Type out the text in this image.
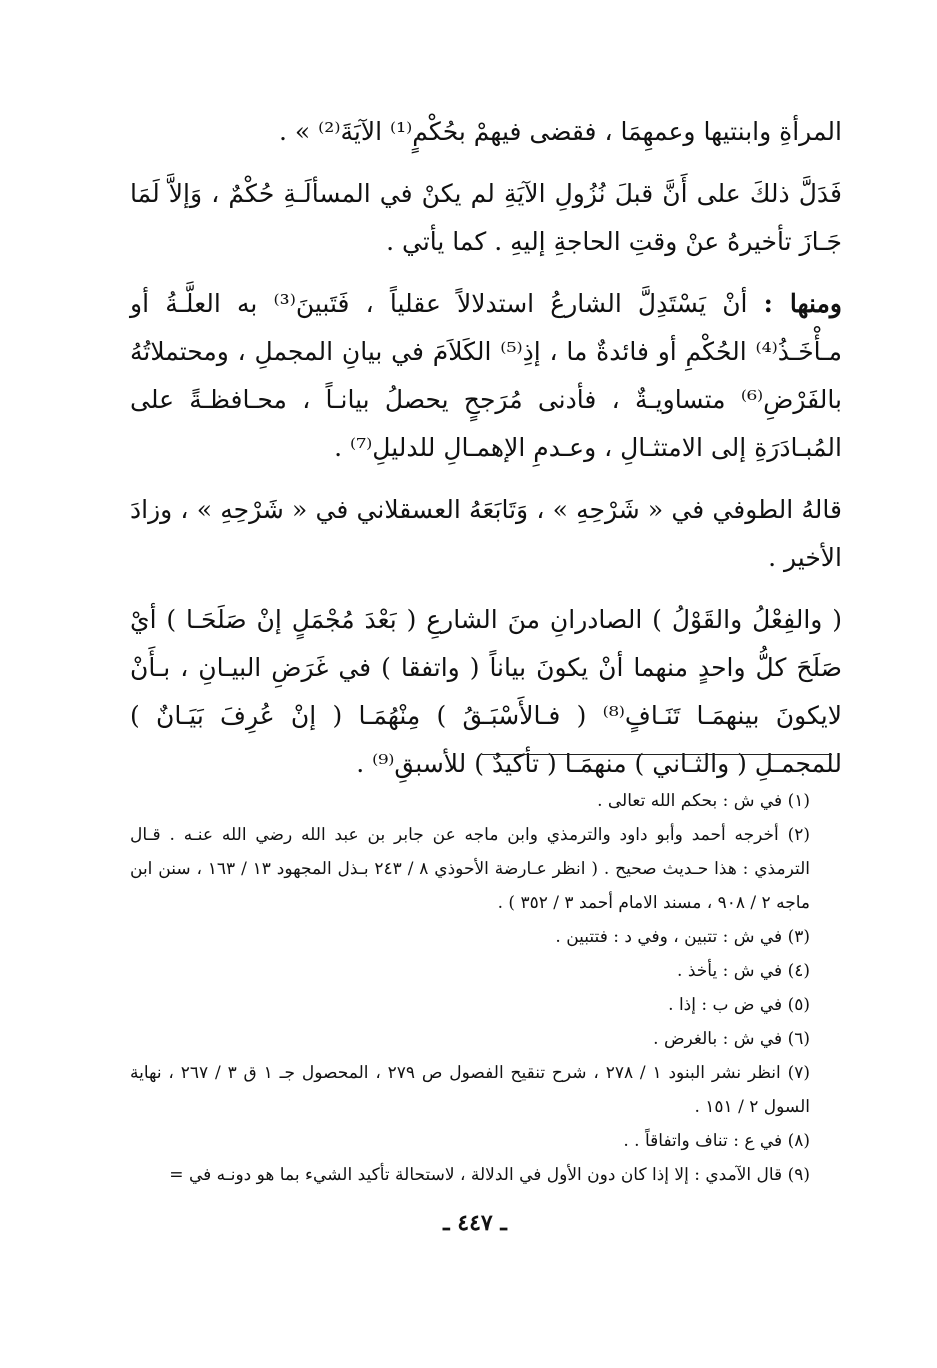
المرأةِ وابنتيها وعمهِمَا ، فقضى فيهمْ بحُكْمٍ⁽¹⁾ الآيَةَ⁽²⁾ » .

فَدَلَّ ذلكَ على أَنَّ قبلَ نُزُولِ الآيَةِ لم يكنْ في المسألَـةِ حُكْمٌ ، وَإلاَّ لَمَا جَـازَ تأخيرهُ عنْ وقتِ الحاجةِ إليهِ . كما يأتي .

ومنها : أنْ يَسْتَدِلَّ الشارعُ استدلالاً عقلياً ، فَتَبينَ⁽³⁾ به العلَّـةُ أو مـأْخَـذُ⁽⁴⁾ الحُكْمِ أو فائدةٌ ما ، إذِ⁽⁵⁾ الكَلاَمَ في بيانِ المجملِ ، ومحتملاتُهُ بالفَرْضِ⁽⁶⁾ متساويـةٌ ، فأدنى مُرَجحٍ يحصلُ بيانـاً ، محـافظـةً على المُبـادَرَةِ إلى الامتثـالِ ، وعـدمِ الإهمـالِ للدليلِ⁽⁷⁾ .

قالهُ الطوفي في « شَرْحِهِ » ، وَتَابَعَهُ العسقلاني في « شَرْحِهِ » ، وزادَ الأخير .

( والفِعْلُ والقَوْلُ ) الصادرانِ منَ الشارعِ ( بَعْدَ مُجْمَلٍ إنْ صَلَحَـا ) أيْ صَلَحَ كلُّ واحدٍ منهما أنْ يكونَ بياناً ( واتفقا ) في غَرَضِ البيـانِ ، بـأَنْ لايكونَ بينهمَـا تَنَـافٍ⁽⁸⁾ ( فـالأَسْبَـقُ ) مِنْهُمَـا ( إنْ عُرِفَ بَيَـانٌ ) للمجمـلِ ( والثـاني ) منهمَـا ( تأكيدٌ ) للأسبقِ⁽⁹⁾ .

(١) في ش : بحكم الله تعالى .

(٢) أخرجه أحمد وأبو داود والترمذي وابن ماجه عن جابر بن عبد الله رضي الله عنـه . قـال الترمذي : هذا حـديث صحيح . ( انظر عـارضة الأحوذي ٨ / ٢٤٣ بـذل المجهود ١٣ / ١٦٣ ، سنن ابن ماجه ٢ / ٩٠٨ ، مسند الامام أحمد ٣ / ٣٥٢ ) .

(٣) في ش : تتبين ، وفي د : فتتبين .

(٤) في ش : يأخذ .

(٥) في ض ب : إذا .

(٦) في ش : بالغرض .

(٧) انظر نشر البنود ١ / ٢٧٨ ، شرح تنقيح الفصول ص ٢٧٩ ، المحصول جـ ١ ق ٣ / ٢٦٧ ، نهاية السول ٢ / ١٥١ .

(٨) في ع : تناف واتفاقاً . .

(٩) قال الآمدي : إلا إذا كان دون الأول في الدلالة ، لاستحالة تأكيد الشيء بما هو دونـه في =

ـ ٤٤٧ ـ
